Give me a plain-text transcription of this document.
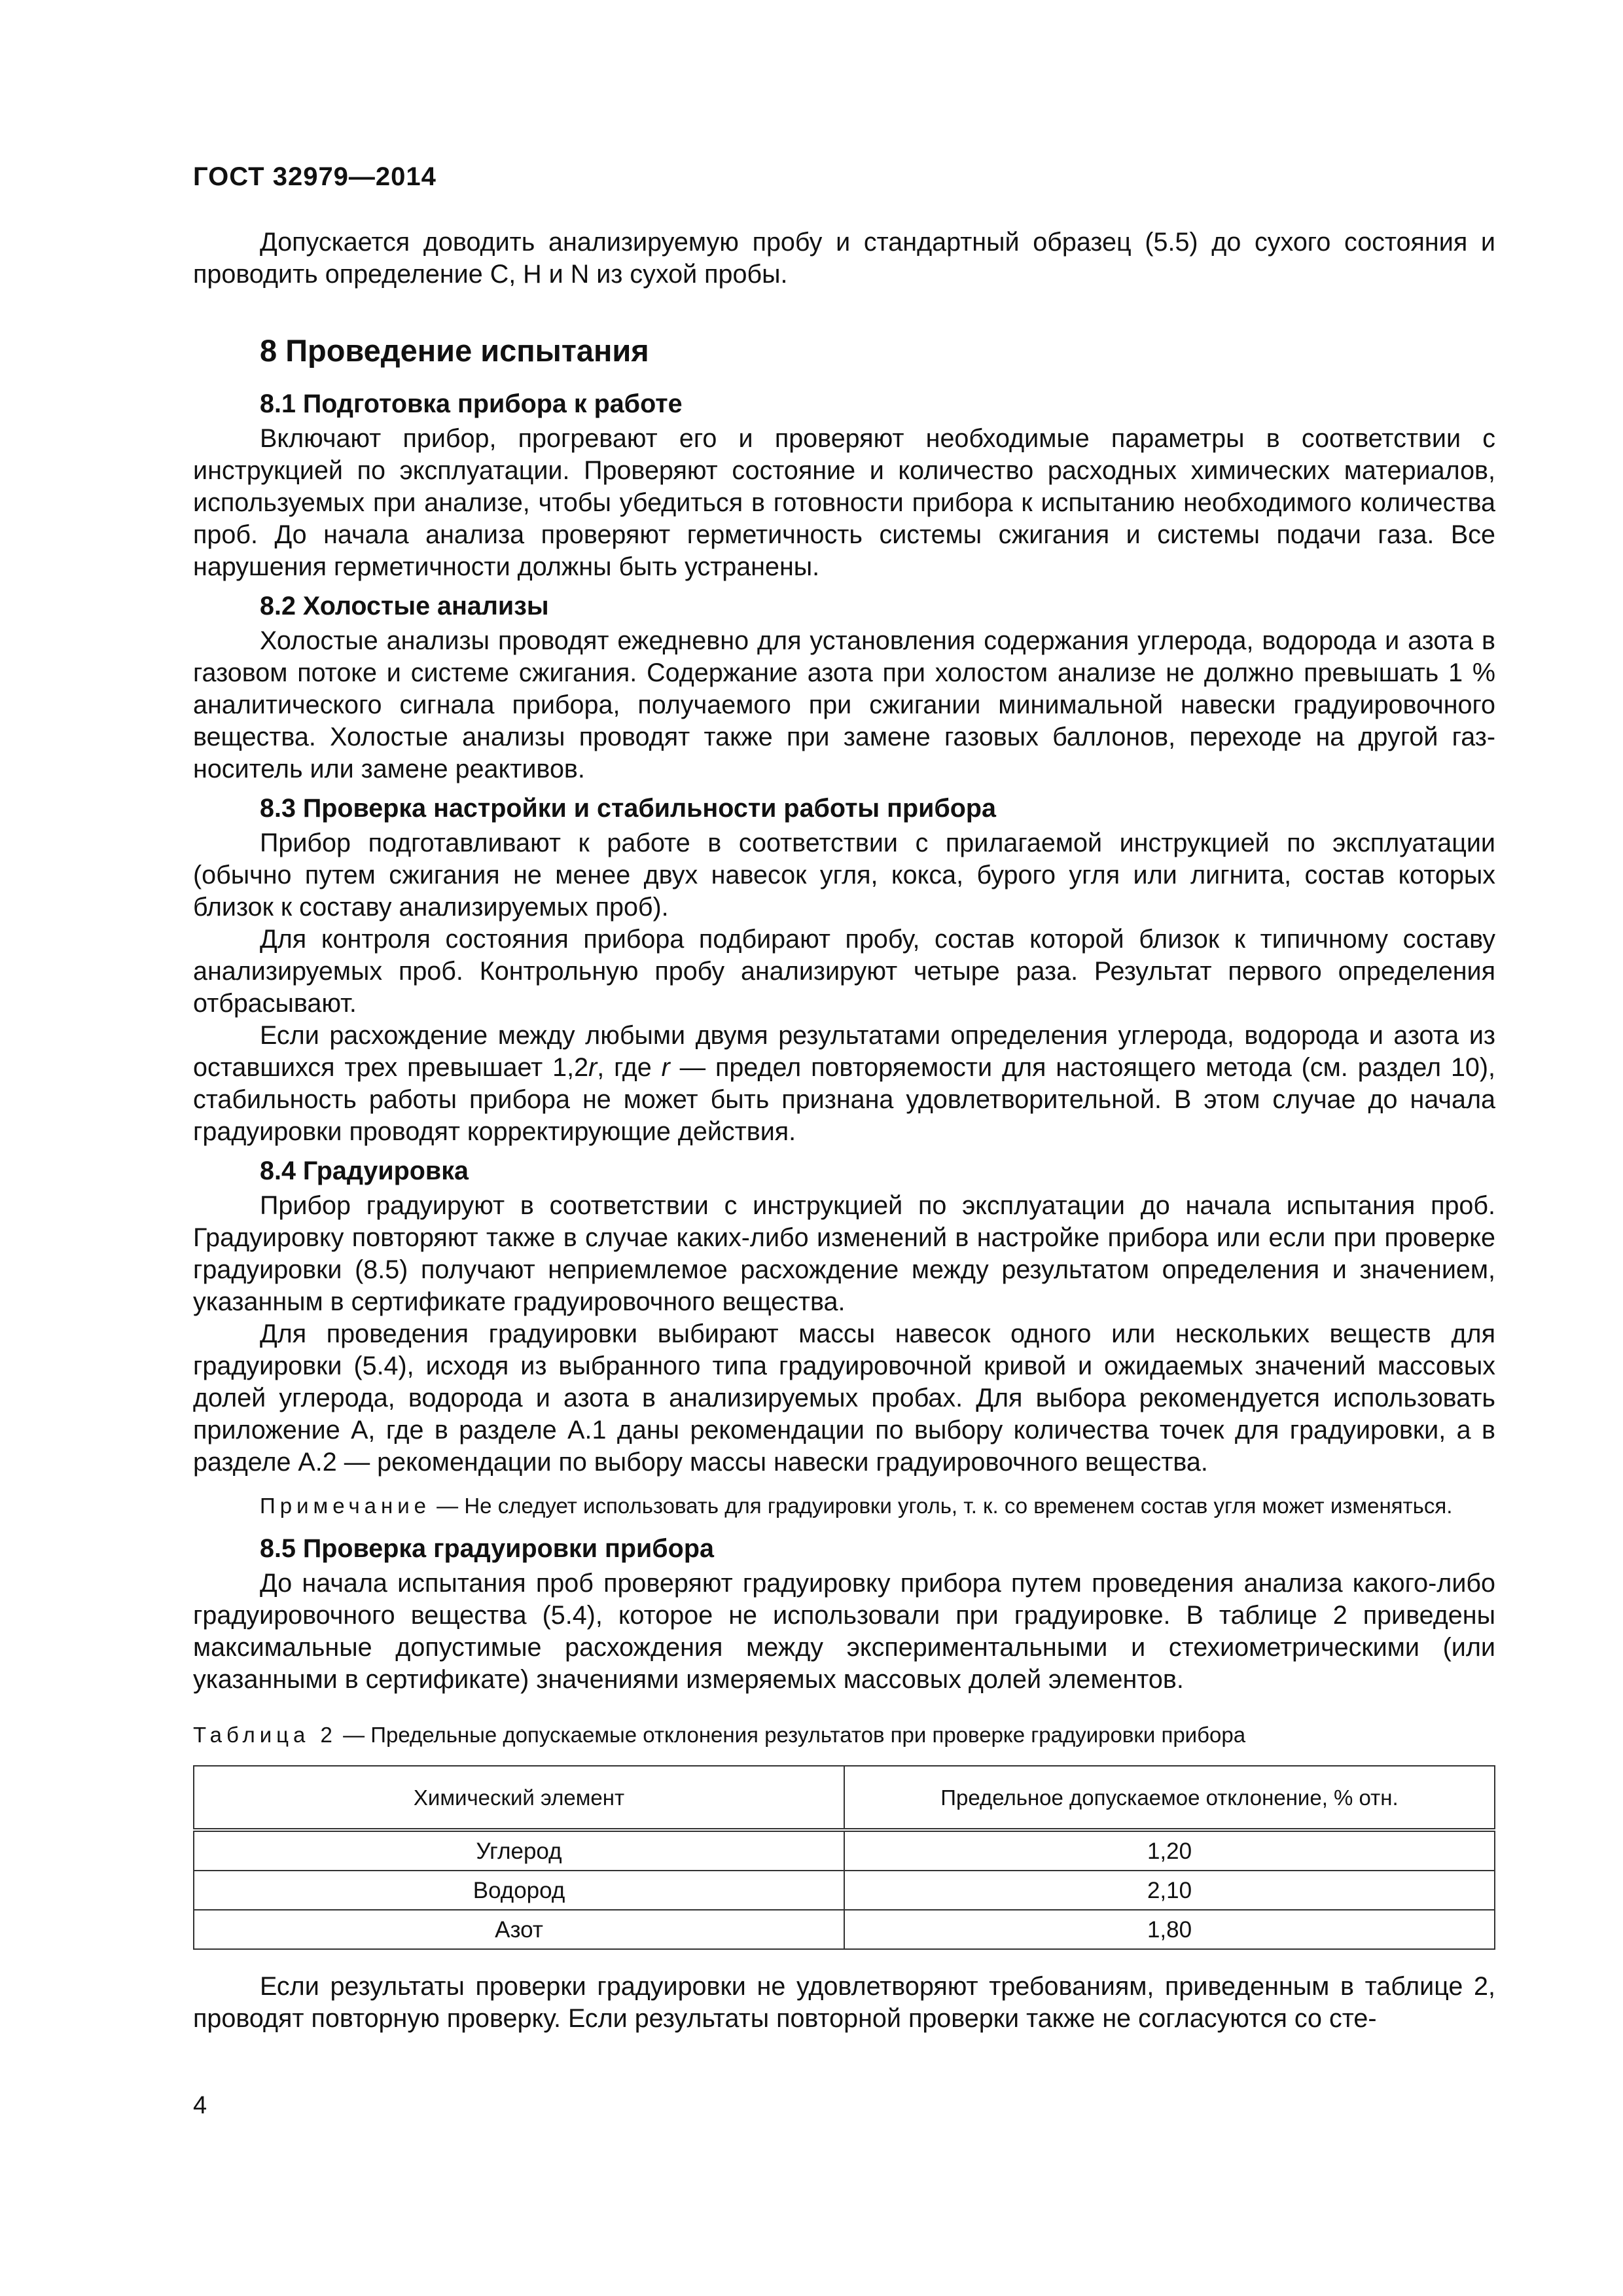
ГОСТ 32979—2014

Допускается доводить анализируемую пробу и стандартный образец (5.5) до сухого состояния и проводить определение C, H и N из сухой пробы.

8 Проведение испытания
8.1 Подготовка прибора к работе

Включают прибор, прогревают его и проверяют необходимые параметры в соответствии с инструкцией по эксплуатации. Проверяют состояние и количество расходных химических материалов, используемых при анализе, чтобы убедиться в готовности прибора к испытанию необходимого количества проб. До начала анализа проверяют герметичность системы сжигания и системы подачи газа. Все нарушения герметичности должны быть устранены.

8.2 Холостые анализы

Холостые анализы проводят ежедневно для установления содержания углерода, водорода и азота в газовом потоке и системе сжигания. Содержание азота при холостом анализе не должно превышать 1 % аналитического сигнала прибора, получаемого при сжигании минимальной навески градуировочного вещества. Холостые анализы проводят также при замене газовых баллонов, переходе на другой газ-носитель или замене реактивов.

8.3 Проверка настройки и стабильности работы прибора

Прибор подготавливают к работе в соответствии с прилагаемой инструкцией по эксплуатации (обычно путем сжигания не менее двух навесок угля, кокса, бурого угля или лигнита, состав которых близок к составу анализируемых проб).

Для контроля состояния прибора подбирают пробу, состав которой близок к типичному составу анализируемых проб. Контрольную пробу анализируют четыре раза. Результат первого определения отбрасывают.

Если расхождение между любыми двумя результатами определения углерода, водорода и азота из оставшихся трех превышает 1,2r, где r — предел повторяемости для настоящего метода (см. раздел 10), стабильность работы прибора не может быть признана удовлетворительной. В этом случае до начала градуировки проводят корректирующие действия.

8.4 Градуировка

Прибор градуируют в соответствии с инструкцией по эксплуатации до начала испытания проб. Градуировку повторяют также в случае каких-либо изменений в настройке прибора или если при проверке градуировки (8.5) получают неприемлемое расхождение между результатом определения и значением, указанным в сертификате градуировочного вещества.

Для проведения градуировки выбирают массы навесок одного или нескольких веществ для градуировки (5.4), исходя из выбранного типа градуировочной кривой и ожидаемых значений массовых долей углерода, водорода и азота в анализируемых пробах. Для выбора рекомендуется использовать приложение А, где в разделе А.1 даны рекомендации по выбору количества точек для градуировки, а в разделе А.2 — рекомендации по выбору массы навески градуировочного вещества.

Примечание — Не следует использовать для градуировки уголь, т. к. со временем состав угля может изменяться.
8.5 Проверка градуировки прибора

До начала испытания проб проверяют градуировку прибора путем проведения анализа какого-либо градуировочного вещества (5.4), которое не использовали при градуировке. В таблице 2 приведены максимальные допустимые расхождения между экспериментальными и стехиометрическими (или указанными в сертификате) значениями измеряемых массовых долей элементов.

Таблица 2 — Предельные допускаемые отклонения результатов при проверке градуировки прибора
Химический элемент	Предельное допускаемое отклонение, % отн.
Углерод	1,20
Водород	2,10
Азот	1,80

Если результаты проверки градуировки не удовлетворяют требованиям, приведенным в таблице 2, проводят повторную проверку. Если результаты повторной проверки также не согласуются со сте-

4
